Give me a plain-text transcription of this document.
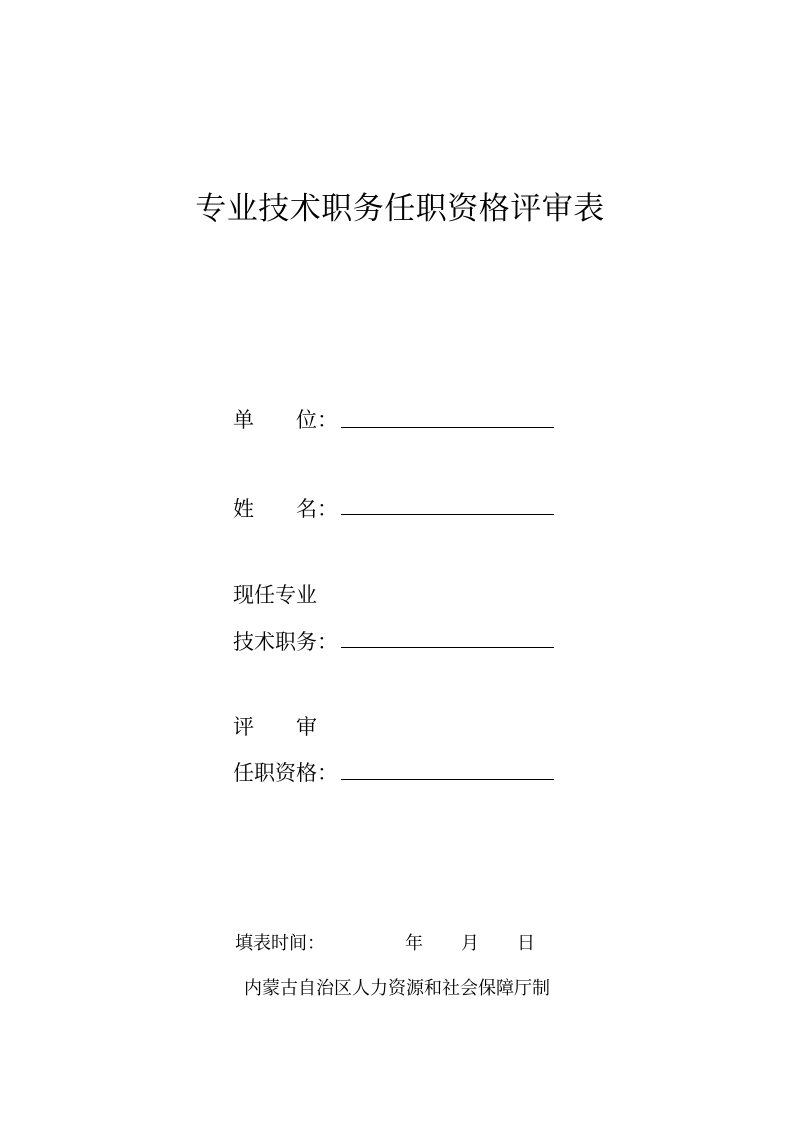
专业技术职务任职资格评审表
单　　位：
姓　　名：
现任专业
技术职务：
评　　审
任职资格：
填表时间：	年 月 日
内蒙古自治区人力资源和社会保障厅制
